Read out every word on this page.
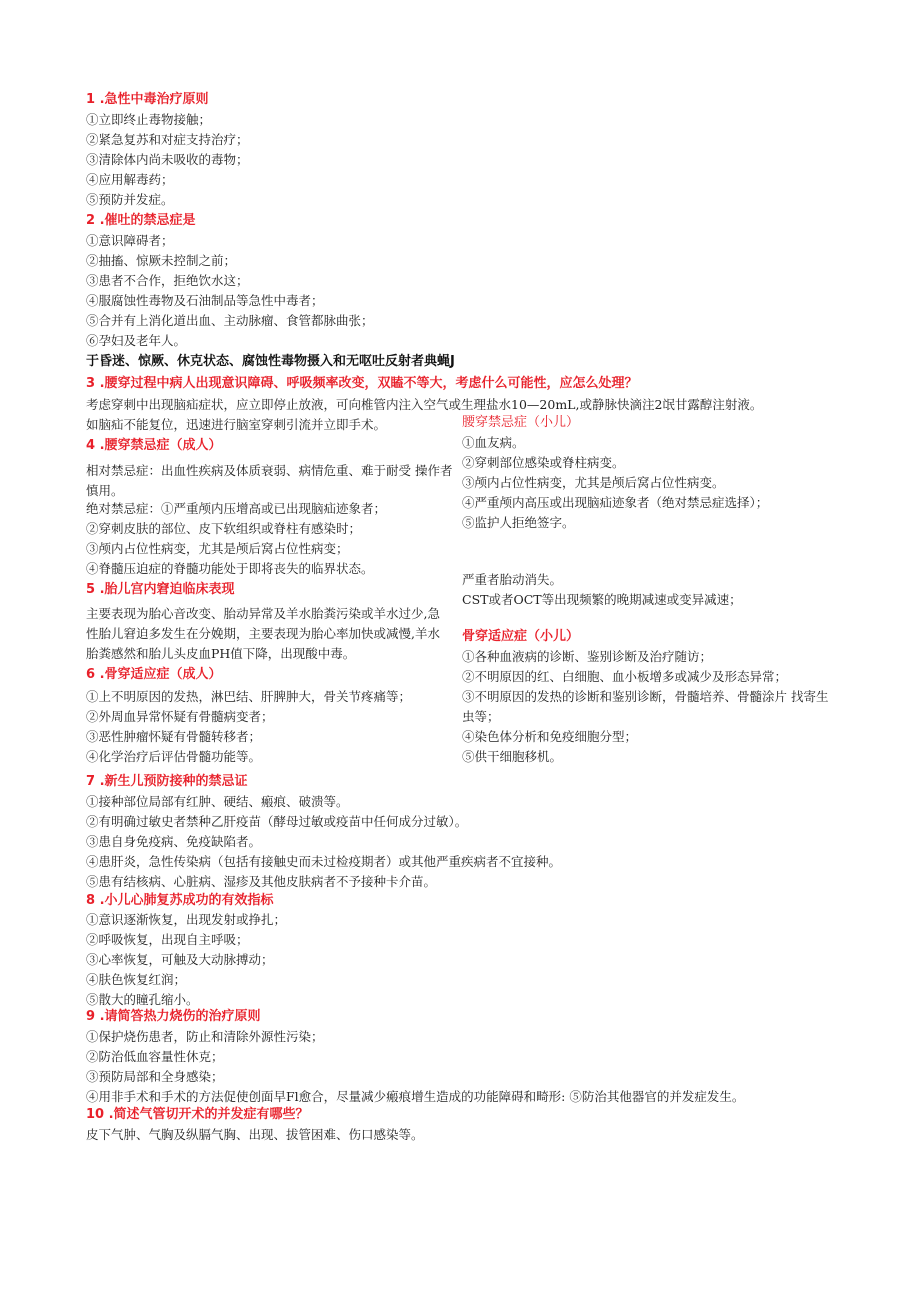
1 .急性中毒治疗原则
①立即终止毒物接触；
②紧急复苏和对症支持治疗；
③清除体内尚未吸收的毒物；
④应用解毒药；
⑤预防并发症。
2 .催吐的禁忌症是
①意识障碍者；
②抽搐、惊厥未控制之前；
③患者不合作，拒绝饮水这；
④服腐蚀性毒物及石油制品等急性中毒者；
⑤合并有上消化道出血、主动脉瘤、食管都脉曲张；
⑥孕妇及老年人。
于昏迷、惊厥、休克状态、腐蚀性毒物摄入和无呕吐反射者典蝇J
3 .腰穿过程中病人出现意识障碍、呼吸频率改变，双瞌不等大，考虑什么可能性，应怎么处理？
考虑穿刺中出现脑疝症状，应立即停止放液，可向椎管内注入空气或生理盐水10—20mL,或静脉快滴注2氓甘露醇注射液。
如脑疝不能复位，迅速进行脑室穿刺引流并立即手术。
4 .腰穿禁忌症（成人）
相对禁忌症：出血性疾病及体质衰弱、病情危重、难于耐受 操作者慎用。
绝对禁忌症：①严重颅内压增高或已出现脑疝迹象者；
②穿刺皮肤的部位、皮下软组织或脊柱有感染时；
③颅内占位性病变，尤其是颅后窝占位性病变；
④脊髓压迫症的脊髓功能处于即将丧失的临界状态。
腰穿禁忌症（小儿）
①血友病。
②穿刺部位感染或脊柱病变。
③颅内占位性病变，尤其是颅后窝占位性病变。
④严重颅内高压或出现脑疝迹象者（绝对禁忌症选择）；
⑤监护人拒绝签字。
5 .胎儿宫内窘迫临床表现
主要表现为胎心音改变、胎动异常及羊水胎粪污染或羊水过少,急性胎儿窘迫多发生在分娩期，主要表现为胎心率加快或减慢,羊水胎粪感然和胎儿头皮血PH值下降，出现酸中毒。
严重者胎动消失。
CST或者OCT等出现频繁的晚期减速或变异减速；
6 .骨穿适应症（成人）
①上不明原因的发热，淋巴结、肝脾肿大，骨关节疼痛等；
②外周血异常怀疑有骨髓病变者；
③恶性肿瘤怀疑有骨髓转移者；
④化学治疗后评估骨髓功能等。
骨穿适应症（小儿）
①各种血液病的诊断、鉴别诊断及治疗随访；
②不明原因的红、白细胞、血小板增多或减少及形态异常；
③不明原因的发热的诊断和鉴别诊断，骨髓培养、骨髓涂片 找寄生虫等；
④染色体分析和免疫细胞分型；
⑤供干细胞移机。
7 .新生儿预防接种的禁忌证
①接种部位局部有红肿、硬结、瘢痕、破溃等。
②有明确过敏史者禁种乙肝疫苗（酵母过敏或疫苗中任何成分过敏）。
③患自身免疫病、免疫缺陷者。
④患肝炎，急性传染病（包括有接触史而未过检疫期者）或其他严重疾病者不宜接种。
⑤患有结核病、心脏病、湿疹及其他皮肤病者不予接种卡介苗。
8 .小儿心肺复苏成功的有效指标
①意识逐渐恢复，出现发射或挣扎；
②呼吸恢复，出现自主呼吸；
③心率恢复，可触及大动脉搏动；
④肤色恢复红润；
⑤散大的瞳孔缩小。
9 .请简答热力烧伤的治疗原则
①保护烧伤患者，防止和清除外源性污染；
②防治低血容量性休克；
③预防局部和全身感染；
④用非手术和手术的方法促使创面早Fl愈合，尽量减少瘢痕增生造成的功能障碍和畸形: ⑤防治其他器官的并发症发生。
10 .简述气管切开术的并发症有哪些？
皮下气肿、气胸及纵膈气胸、出现、拔管困难、伤口感染等。
